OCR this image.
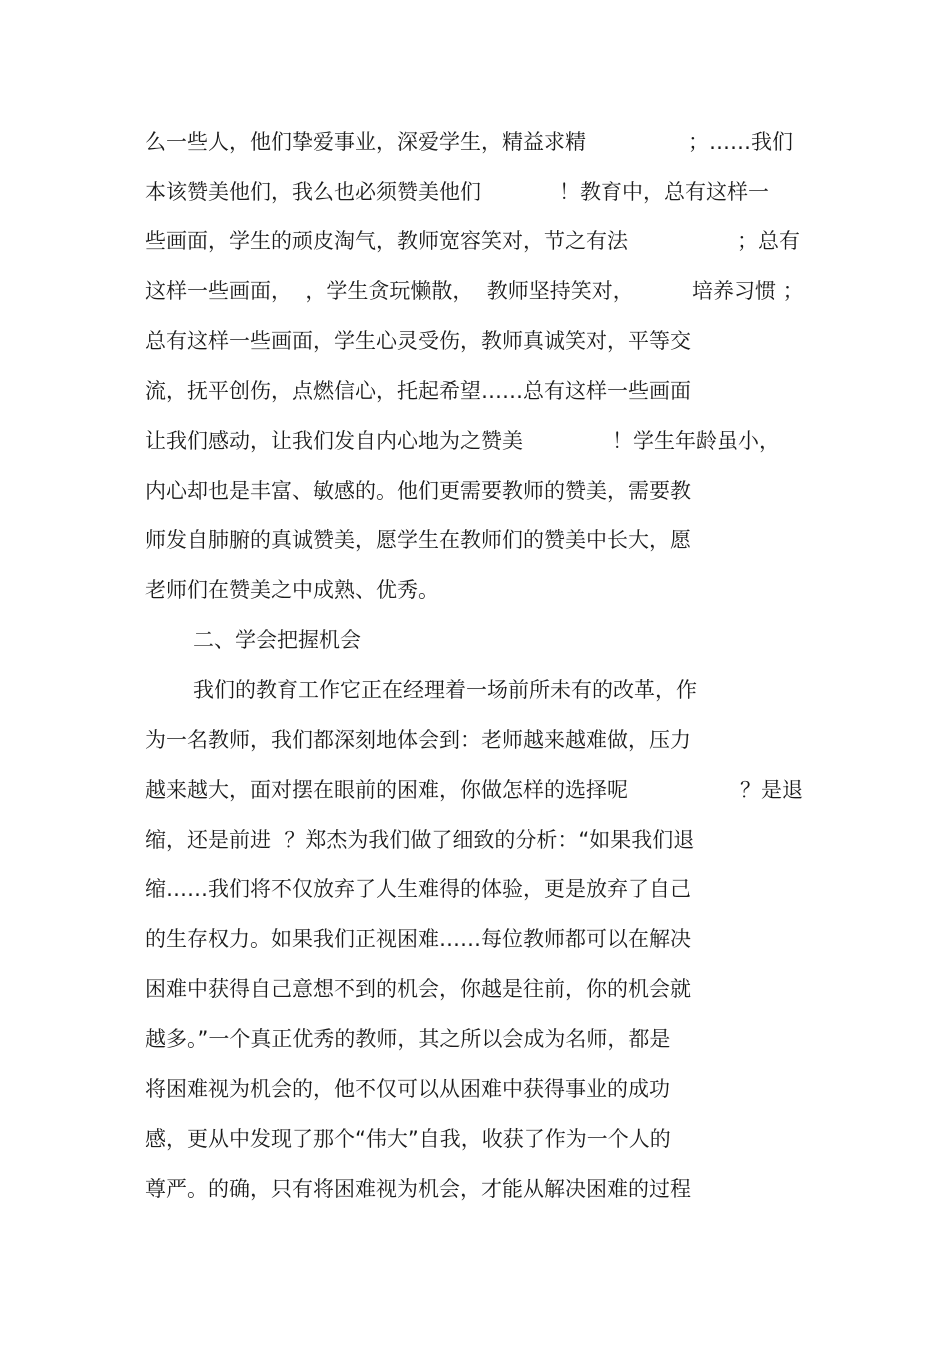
么一些人，他们挚爱事业，深爱学生，精益求精	；……我们
本该赞美他们，我么也必须赞美他们	！教育中，总有这样一
些画面，学生的顽皮淘气，教师宽容笑对，节之有法	；总有
这样一些画面，  ，学生贪玩懒散，  教师坚持笑对，	培养习惯 ；
总有这样一些画面，学生心灵受伤，教师真诚笑对，平等交
流，抚平创伤，点燃信心，托起希望……总有这样一些画面
让我们感动，让我们发自内心地为之赞美	！学生年龄虽小，
内心却也是丰富、敏感的。他们更需要教师的赞美，需要教
师发自肺腑的真诚赞美，愿学生在教师们的赞美中长大，愿
老师们在赞美之中成熟、优秀。
二、学会把握机会
我们的教育工作它正在经理着一场前所未有的改革，作
为一名教师，我们都深刻地体会到：老师越来越难做，压力
越来越大，面对摆在眼前的困难，你做怎样的选择呢	？是退
缩，还是前进  ？郑杰为我们做了细致的分析：“如果我们退
缩……我们将不仅放弃了人生难得的体验，更是放弃了自己
的生存权力。如果我们正视困难……每位教师都可以在解决
困难中获得自己意想不到的机会，你越是往前，你的机会就
越多。”一个真正优秀的教师，其之所以会成为名师，都是
将困难视为机会的，他不仅可以从困难中获得事业的成功
感，更从中发现了那个“伟大”自我，收获了作为一个人的
尊严。的确，只有将困难视为机会，才能从解决困难的过程
